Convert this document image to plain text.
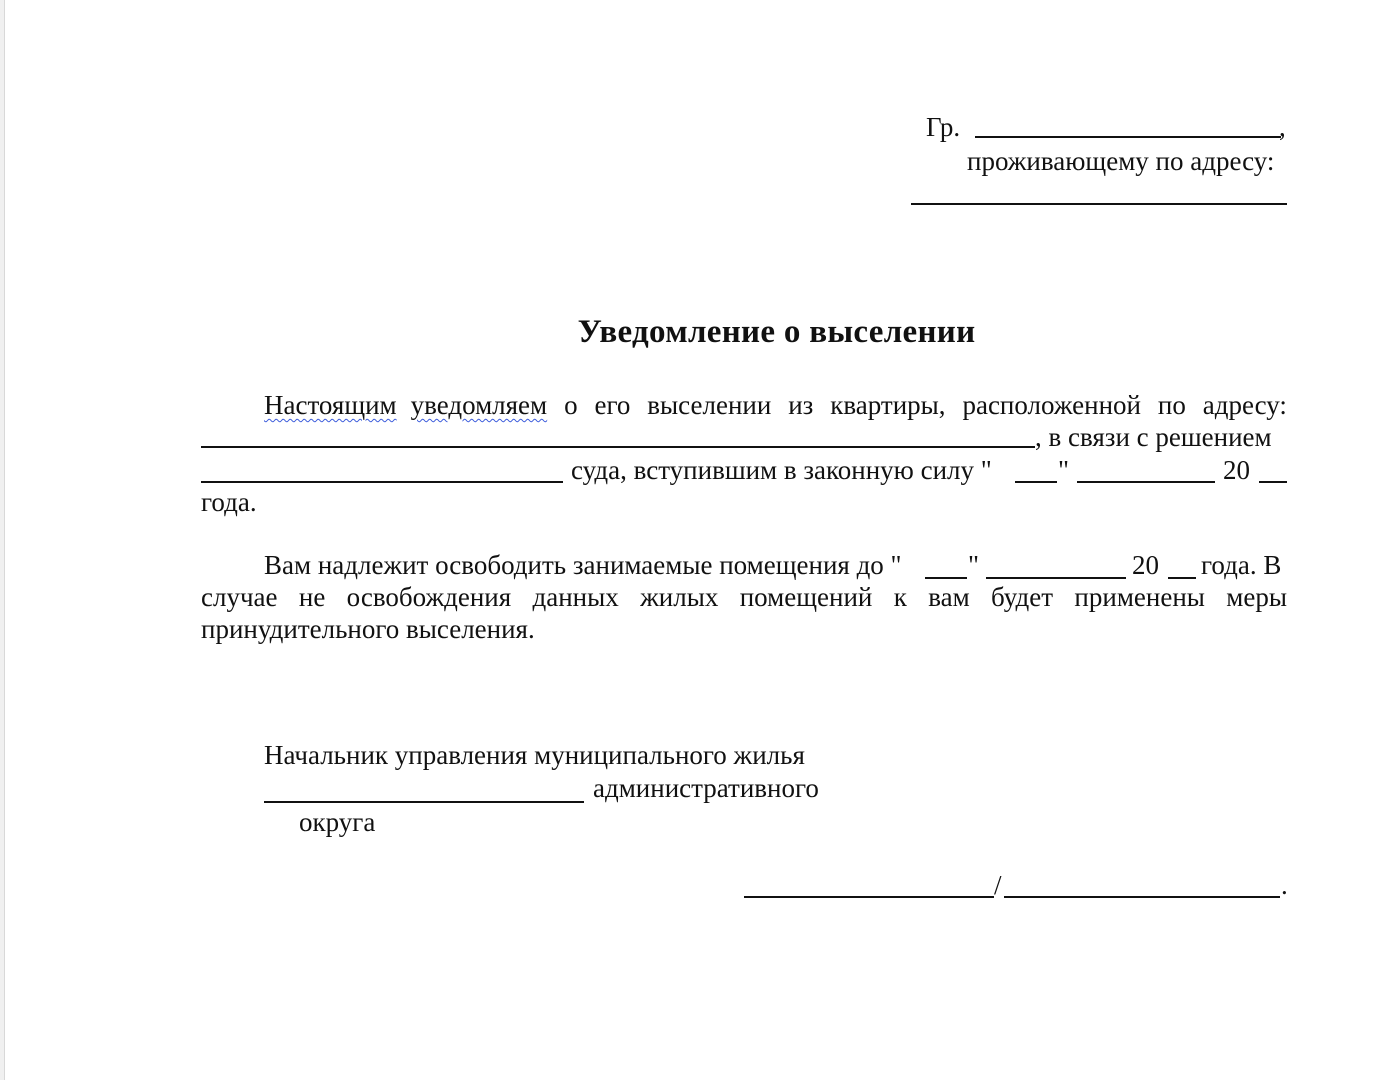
Гр.	,
проживающему по адресу:
Уведомление о выселении
Настоящим уведомляем о его выселении из квартиры, расположенной по адресу:
, в связи с решением
суда, вступившим в законную силу " "	20
года.
Вам надлежит освободить занимаемые помещения до " "	20 года. В
случае не освобождения данных жилых помещений к вам будет применены меры
принудительного выселения.
Начальник управления муниципального жилья
административного
округа
/	.
